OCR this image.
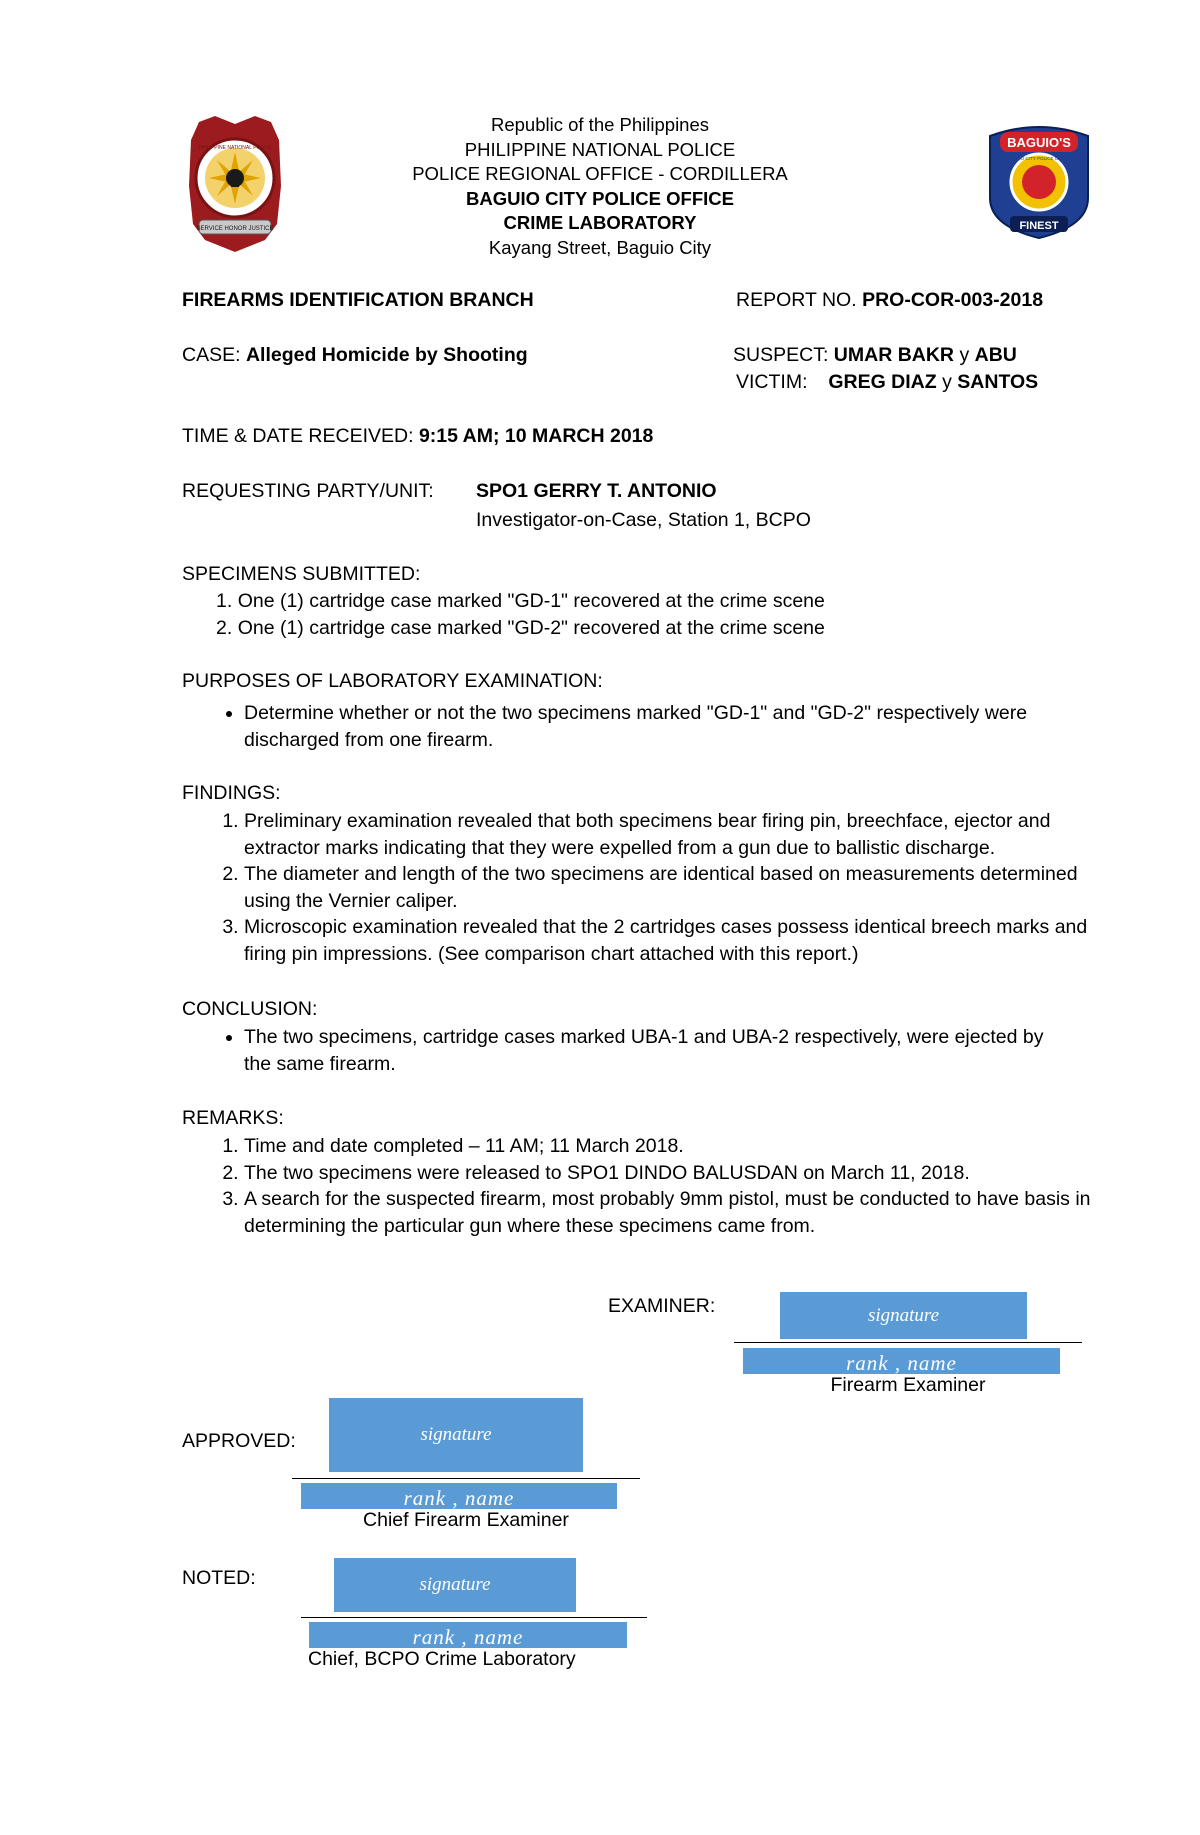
SERVICE HONOR JUSTICE
PHILIPPINE NATIONAL POLICE	BAGUIO'S
BAGUIO CITY POLICE OFFICE
FINEST
Republic of the Philippines
PHILIPPINE NATIONAL POLICE
POLICE REGIONAL OFFICE - CORDILLERA
BAGUIO CITY POLICE OFFICE
CRIME LABORATORY
Kayang Street, Baguio City
FIREARMS IDENTIFICATION BRANCH	REPORT NO. PRO-COR-003-2018
CASE: Alleged Homicide by Shooting	SUSPECT: UMAR BAKR y ABU
VICTIM: GREG DIAZ y SANTOS
TIME & DATE RECEIVED: 9:15 AM; 10 MARCH 2018
REQUESTING PARTY/UNIT: SPO1 GERRY T. ANTONIO
Investigator-on-Case, Station 1, BCPO
SPECIMENS SUBMITTED:
1. One (1) cartridge case marked "GD-1" recovered at the crime scene
2. One (1) cartridge case marked "GD-2" recovered at the crime scene
PURPOSES OF LABORATORY EXAMINATION:
• Determine whether or not the two specimens marked "GD-1" and "GD-2" respectively were discharged from one firearm.
FINDINGS:
1. Preliminary examination revealed that both specimens bear firing pin, breechface, ejector and extractor marks indicating that they were expelled from a gun due to ballistic discharge.
2. The diameter and length of the two specimens are identical based on measurements determined using the Vernier caliper.
3. Microscopic examination revealed that the 2 cartridges cases possess identical breech marks and firing pin impressions. (See comparison chart attached with this report.)
CONCLUSION:
• The two specimens, cartridge cases marked UBA-1 and UBA-2 respectively, were ejected by the same firearm.
REMARKS:
1. Time and date completed – 11 AM; 11 March 2018.
2. The two specimens were released to SPO1 DINDO BALUSDAN on March 11, 2018.
3. A search for the suspected firearm, most probably 9mm pistol, must be conducted to have basis in determining the particular gun where these specimens came from.
EXAMINER:	signature
rank , name
Firearm Examiner
APPROVED:	signature
rank , name
Chief Firearm Examiner
NOTED:	signature
rank , name
Chief, BCPO Crime Laboratory
